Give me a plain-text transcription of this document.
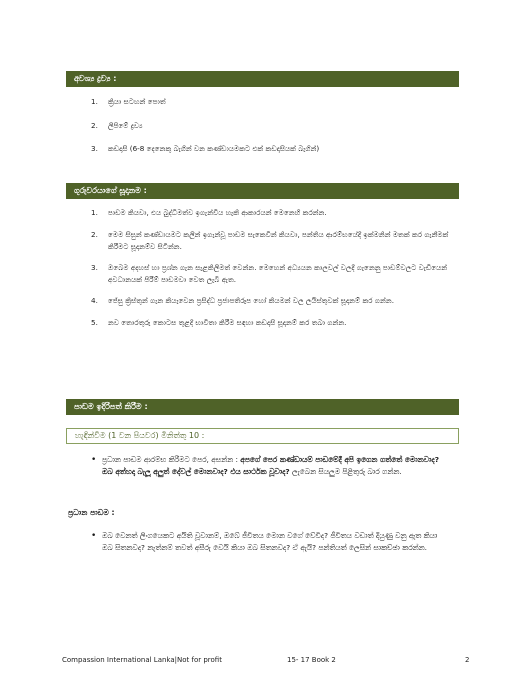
අවශ්‍ය ද්‍රව්‍ය :
1. ක්‍රියා සටහන් පොත්
2. ලිපිමේ ද්‍රව්‍ය
3. කඩදාසි (6-8 දෙනෙකු බැගින් වන කණ්ඩායමකට එක් කඩදාසියක් බැගින්)
ගුරුවරයාගේ සූදානම :
1. පාඩම කියවා, එය බුද්ධිමත්ව ඉගැන්විය හැකි ආකාරයන් මෙනෙහි කරන්න.
2. මෙම සිසුන් කණ්ඩායමට කලින් ඉගැන්වූ පාඩම සැකෙවින් කියවා, පන්තිය ආරම්භයේදී ඉක්මනින් මතක් කර ගැනීමක් කිරීමට සූදානම්ව සිටින්න.
3. ඔබෙම අදහස් හා ප්‍රශ්න ගැන සැළකිලිමත් වෙන්න. මෙහෙන් අධ්‍යයන කාලවල් වලදී ගැනෙනු පාඩම්වලට වැඩියෙන් අවධානයක් පිරීම් පාඩමවා වෙත ලැබී ඇත.
4. ජේසු ක්‍රිස්තුන් ගැන කියැවෙන ප්‍රසිද්ධ ප්‍රජාපතිරූප හෝ කියමන් වල ලයිස්තුවක් සූදානම් කර ගන්න.
5. නව තොරතුරු කොටස තුළදී භාවිතා කිරීම සඳහා කඩදාසි සූදානම් කර තබා ගන්න.
පාඩම ඉදිරිපත් කිරීම :
හැඳින්වීම (1 වන පියවර) මිනිත්තු 10 :

• ප්‍රධාන පාඩම ආරම්භ කිරීමට පෙර, අසන්න : අපගේ පෙර කණ්ඩායම් පාඩමේදී අපි ඉගෙන ගත්තේ මොනවාද? ඔබ අත්හදා බැලූ අලුත් දේවල් මොනවාද? එය සාර්ථක වූවාද? ලැබෙන සියලුම පිළිතුරු බාර ගන්න.

ප්‍රධාන පාඩම :

• ඔබ වෙනත් ලිංගයෙකට අයිති වූවානම්, ඔබේ ජීවිතය මොන වගේ වේවිද? ජීවිතය වඩාත් දියුණු වනු ඇත කියා ඔබ සිතනවද? නැත්නම් තවත් අසීරු වෙයි කියා ඔබ සිතනවද? ඒ ඇයි? පන්තියත් ලෙසින් සාකච්ඡා කරන්න.

Compassion International Lanka|Not for profit	15- 17 Book 2	2
